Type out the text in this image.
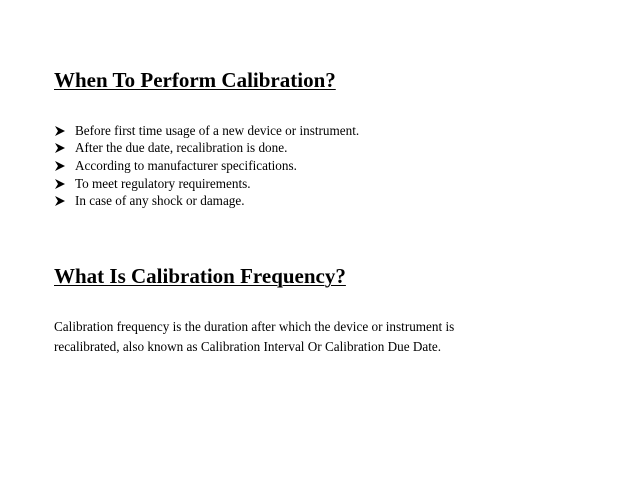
When To Perform Calibration?
Before first time usage of a new device or instrument.
After the due date, recalibration is done.
According to manufacturer specifications.
To meet regulatory requirements.
In case of any shock or damage.
What Is Calibration Frequency?

Calibration frequency is the duration after which the device or instrument is
recalibrated, also known as Calibration Interval Or Calibration Due Date.
